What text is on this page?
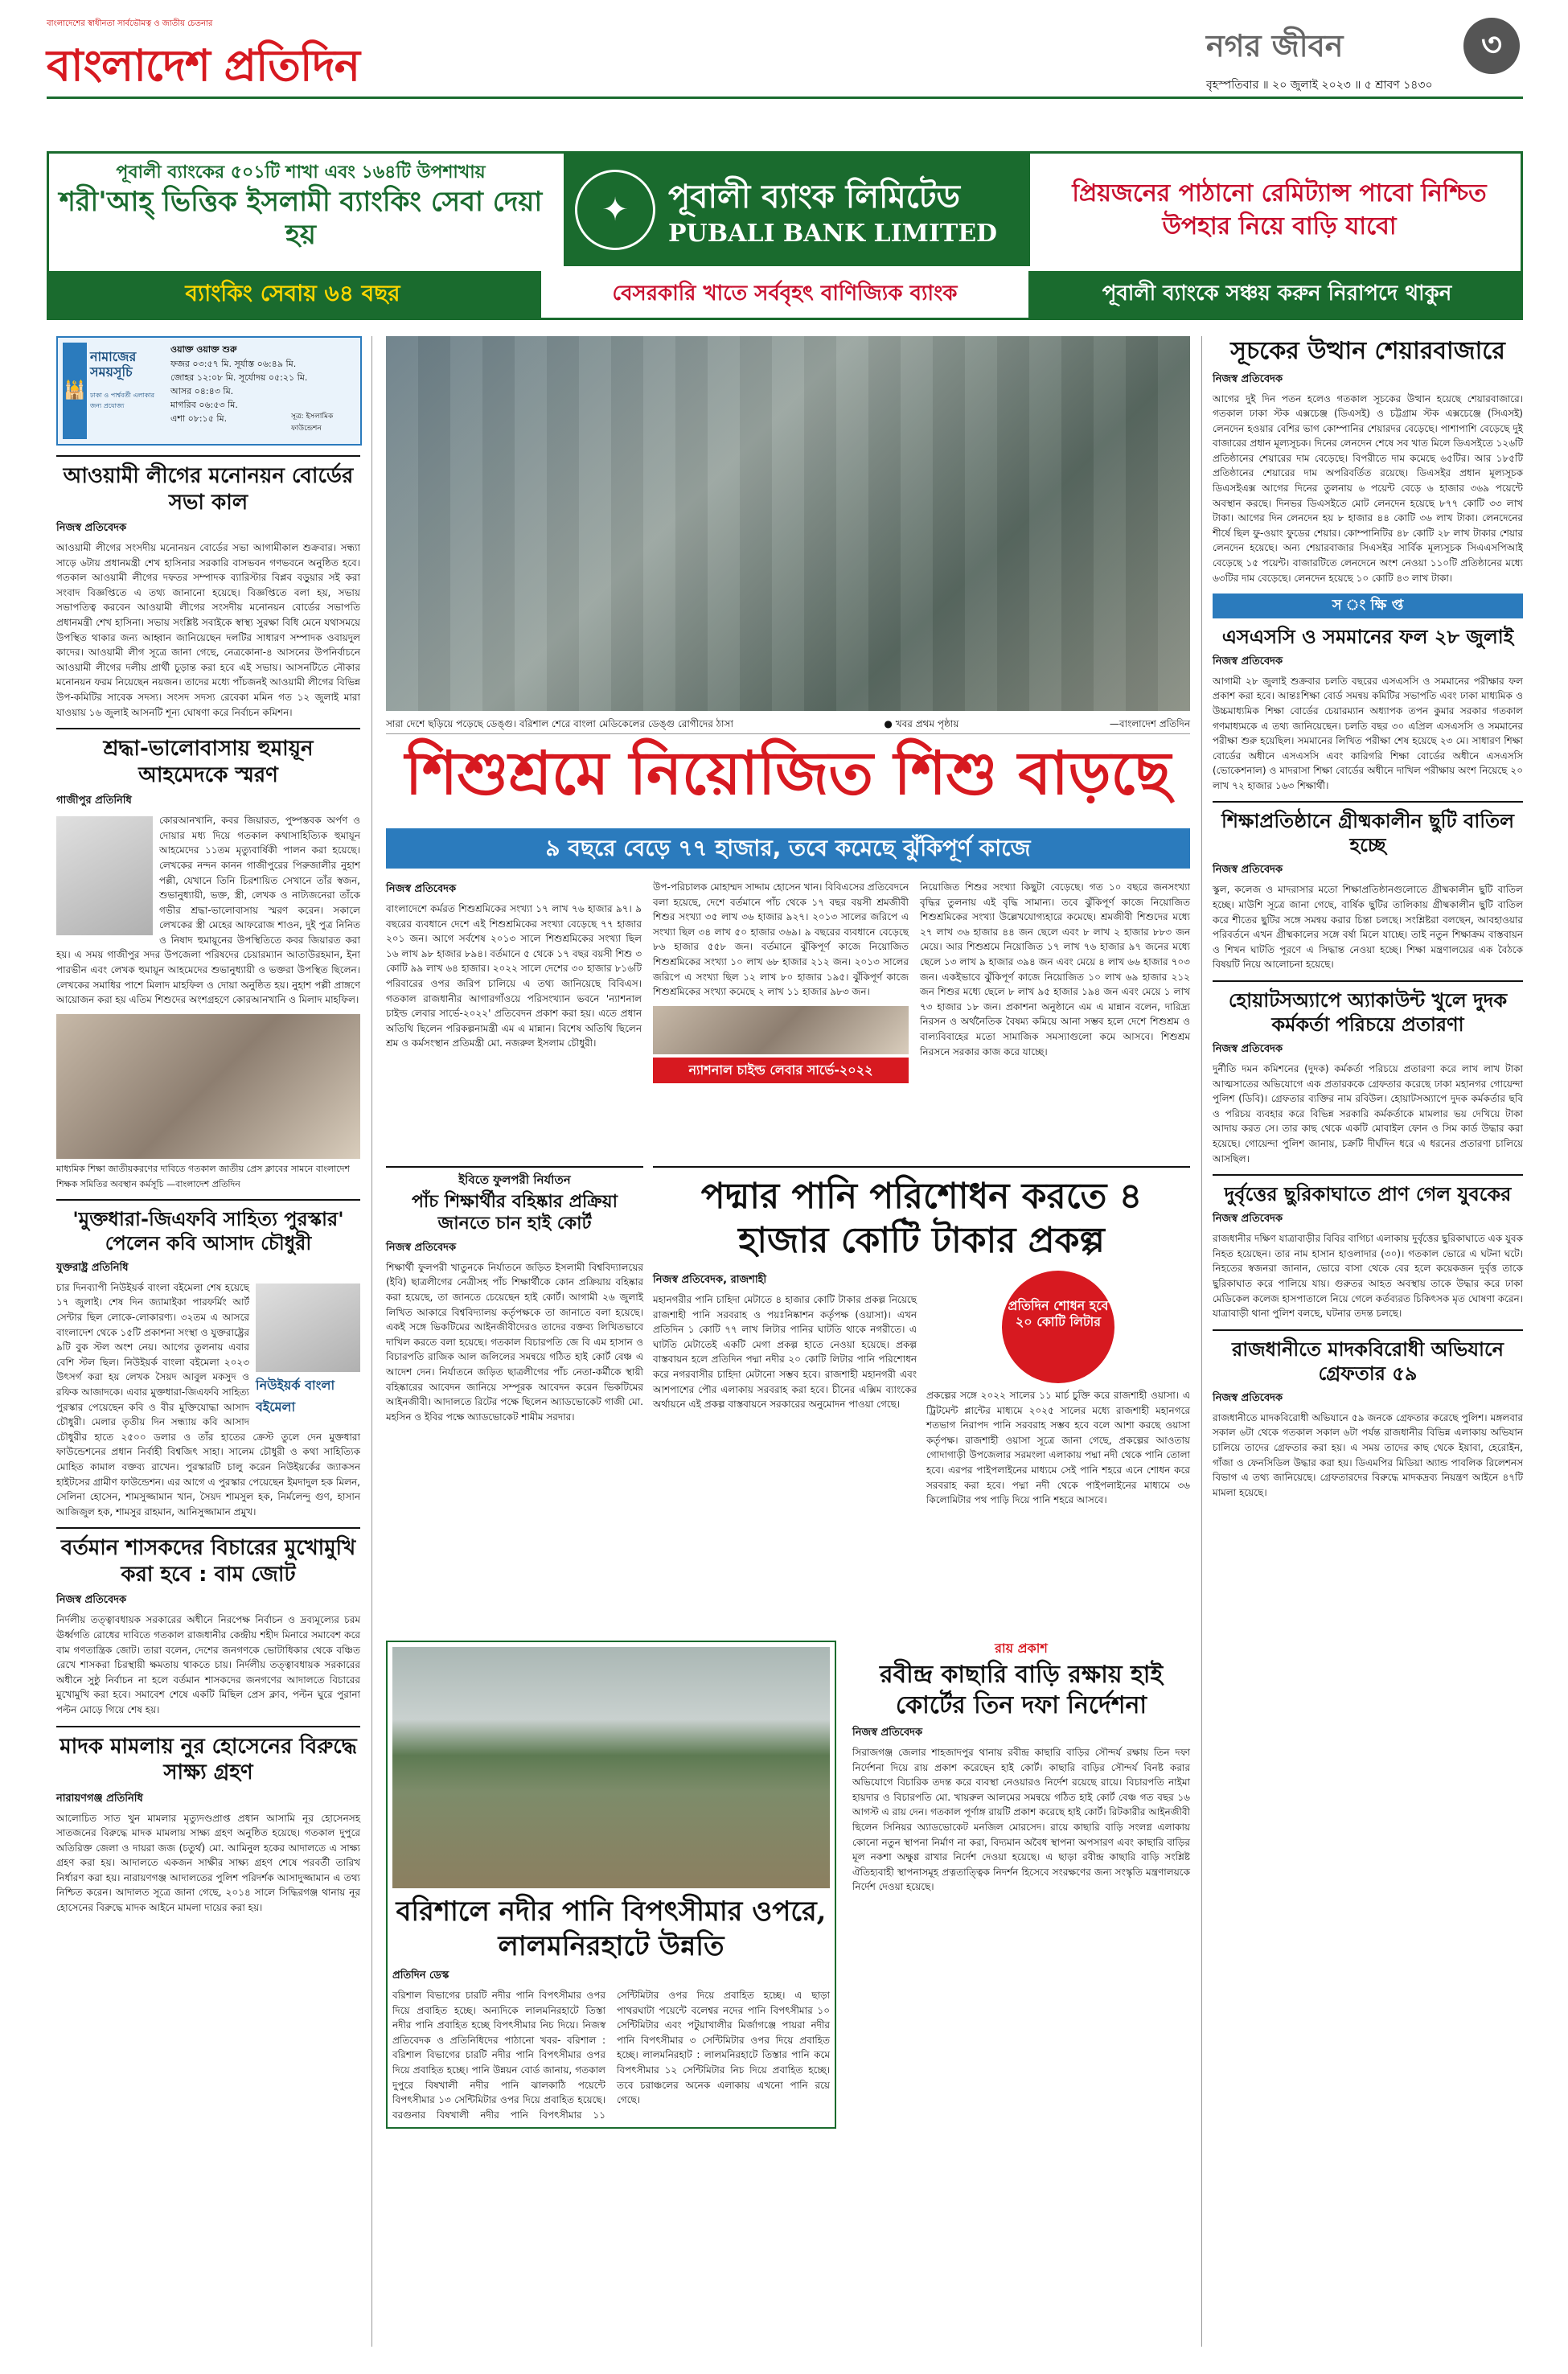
বাংলাদেশের স্বাধীনতা সার্বভৌমত্ব ও জাতীয় চেতনার
বাংলাদেশ প্রতিদিন	নগর জীবন	৩
বৃহস্পতিবার ॥ ২০ জুলাই ২০২৩ ॥ ৫ শ্রাবণ ১৪৩০
পূবালী ব্যাংকের ৫০১টি শাখা এবং ১৬৪টি উপশাখায়
শরী'আহ্ ভিত্তিক ইসলামী ব্যাংকিং সেবা দেয়া হয়
✦	পূবালী ব্যাংক লিমিটেড
PUBALI BANK LIMITED
প্রিয়জনের পাঠানো রেমিট্যান্স পাবো নিশ্চিত উপহার নিয়ে বাড়ি যাবো
ব্যাংকিং সেবায় ৬৪ বছর	বেসরকারি খাতে সর্ববৃহৎ বাণিজ্যিক ব্যাংক	পূবালী ব্যাংকে সঞ্চয় করুন নিরাপদে থাকুন
🕌
নামাজের সময়সূচি
ঢাকা ও পার্শ্ববর্তী এলাকার জন্য প্রযোজ্য
ওয়াক্ত ওয়াক্ত শুরু
ফজর ০৩:৫৭ মি. সূর্যাস্ত ০৬:৪৯ মি.
জোহর ১২:০৮ মি. সূর্যোদয় ০৫:২১ মি.
আসর ০৪:৪৩ মি.
মাগরিব ০৬:৫৩ মি.
এশা ০৮:১৫ মি.	সূত্র: ইসলামিক ফাউন্ডেশন
আওয়ামী লীগের মনোনয়ন বোর্ডের সভা কাল
নিজস্ব প্রতিবেদক
আওয়ামী লীগের সংসদীয় মনোনয়ন বোর্ডের সভা আগামীকাল শুক্রবার। সন্ধ্যা সাড়ে ৬টায় প্রধানমন্ত্রী শেখ হাসিনার সরকারি বাসভবন গণভবনে অনুষ্ঠিত হবে। গতকাল আওয়ামী লীগের দফতর সম্পাদক ব্যারিস্টার বিপ্লব বড়ুয়ার সই করা সংবাদ বিজ্ঞপ্তিতে এ তথ্য জানানো হয়েছে। বিজ্ঞপ্তিতে বলা হয়, সভায় সভাপতিত্ব করবেন আওয়ামী লীগের সংসদীয় মনোনয়ন বোর্ডের সভাপতি প্রধানমন্ত্রী শেখ হাসিনা। সভায় সংশ্লিষ্ট সবাইকে স্বাস্থ্য সুরক্ষা বিধি মেনে যথাসময়ে উপস্থিত থাকার জন্য আহ্বান জানিয়েছেন দলটির সাধারণ সম্পাদক ওবায়দুল কাদের। আওয়ামী লীগ সূত্রে জানা গেছে, নেত্রকোনা-৪ আসনের উপনির্বাচনে আওয়ামী লীগের দলীয় প্রার্থী চূড়ান্ত করা হবে এই সভায়। আসনটিতে নৌকার মনোনয়ন ফরম নিয়েছেন নয়জন। তাদের মধ্যে পাঁচজনই আওয়ামী লীগের বিভিন্ন উপ-কমিটির সাবেক সদস্য। সংসদ সদস্য রেবেকা মমিন গত ১২ জুলাই মারা যাওয়ায় ১৬ জুলাই আসনটি শূন্য ঘোষণা করে নির্বাচন কমিশন।
শ্রদ্ধা-ভালোবাসায় হুমায়ূন আহমেদকে স্মরণ
গাজীপুর প্রতিনিধি
কোরআনখানি, কবর জিয়ারত, পুষ্পস্তবক অর্পণ ও দোয়ার মধ্য দিয়ে গতকাল কথাসাহিত্যিক হুমায়ূন আহমেদের ১১তম মৃত্যুবার্ষিকী পালন করা হয়েছে। লেখকের নন্দন কানন গাজীপুরের পিরুজালীর নুহাশ পল্লী, যেখানে তিনি চিরশায়িত সেখানে তাঁর স্বজন, শুভানুধ্যায়ী, ভক্ত, স্ত্রী, লেখক ও নাট্যজনেরা তাঁকে গভীর শ্রদ্ধা-ভালোবাসায় স্মরণ করেন। সকালে লেখকের স্ত্রী মেহের আফরোজ শাওন, দুই পুত্র নিনিত ও নিষাদ হুমায়ূনের উপস্থিতিতে কবর জিয়ারত করা হয়। এ সময় গাজীপুর সদর উপজেলা পরিষদের চেয়ারম্যান আতাউরহমান, ইনা পারভীন এবং লেখক হুমায়ূন আহমেদের শুভানুধ্যায়ী ও ভক্তরা উপস্থিত ছিলেন। লেখকের সমাধির পাশে মিলাদ মাহফিল ও দোয়া অনুষ্ঠিত হয়। নুহাশ পল্লী প্রাঙ্গণে আয়োজন করা হয় এতিম শিশুদের অংশগ্রহণে কোরআনখানি ও মিলাদ মাহফিল।
মাধ্যমিক শিক্ষা জাতীয়করণের দাবিতে গতকাল জাতীয় প্রেস ক্লাবের সামনে বাংলাদেশ শিক্ষক সমিতির অবস্থান কর্মসূচি —বাংলাদেশ প্রতিদিন
'মুক্তধারা-জিএফবি সাহিত্য পুরস্কার' পেলেন কবি আসাদ চৌধুরী
যুক্তরাষ্ট্র প্রতিনিধি
নিউইয়র্ক বাংলা বইমেলা
চার দিনব্যাপী নিউইয়র্ক বাংলা বইমেলা শেষ হয়েছে ১৭ জুলাই। শেষ দিন জ্যামাইকা পারফর্মিং আর্ট সেন্টার ছিল লোকে-লোকারণ্য। ৩২তম এ আসরে বাংলাদেশ থেকে ১৫টি প্রকাশনা সংস্থা ও যুক্তরাষ্ট্রের ৯টি বুক স্টল অংশ নেয়। আগের তুলনায় এবার বেশি স্টল ছিল। নিউইয়র্ক বাংলা বইমেলা ২০২৩ উৎসর্গ করা হয় লেখক সৈয়দ আবুল মকসুদ ও রফিক আজাদকে। এবার মুক্তধারা-জিএফবি সাহিত্য পুরস্কার পেয়েছেন কবি ও বীর মুক্তিযোদ্ধা আসাদ চৌধুরী। মেলার তৃতীয় দিন সন্ধ্যায় কবি আসাদ চৌধুরীর হাতে ২৫০০ ডলার ও তাঁর হাতের ক্রেস্ট তুলে দেন মুক্তধারা ফাউন্ডেশনের প্রধান নির্বাহী বিশ্বজিৎ সাহা। সালেম চৌধুরী ও কথা সাহিত্যিক মোহিত কামাল বক্তব্য রাখেন। পুরস্কারটি চালু করেন নিউইয়র্কের জ্যাকসন হাইটসের গ্রামীণ ফাউন্ডেশন। এর আগে এ পুরস্কার পেয়েছেন ইমদাদুল হক মিলন, সেলিনা হোসেন, শামসুজ্জামান খান, সৈয়দ শামসুল হক, নির্মলেন্দু গুণ, হাসান আজিজুল হক, শামসুর রাহমান, আনিসুজ্জামান প্রমুখ।
বর্তমান শাসকদের বিচারের মুখোমুখি করা হবে : বাম জোট
নিজস্ব প্রতিবেদক
নির্দলীয় তত্ত্বাবধায়ক সরকারের অধীনে নিরপেক্ষ নির্বাচন ও দ্রব্যমূল্যের চরম ঊর্ধ্বগতি রোধের দাবিতে গতকাল রাজধানীর কেন্দ্রীয় শহীদ মিনারে সমাবেশ করে বাম গণতান্ত্রিক জোট। তারা বলেন, দেশের জনগণকে ভোটাধিকার থেকে বঞ্চিত রেখে শাসকরা চিরস্থায়ী ক্ষমতায় থাকতে চায়। নির্দলীয় তত্ত্বাবধায়ক সরকারের অধীনে সুষ্ঠু নির্বাচন না হলে বর্তমান শাসকদের জনগণের আদালতে বিচারের মুখোমুখি করা হবে। সমাবেশ শেষে একটি মিছিল প্রেস ক্লাব, পল্টন ঘুরে পুরানা পল্টন মোড়ে গিয়ে শেষ হয়।
মাদক মামলায় নুর হোসেনের বিরুদ্ধে সাক্ষ্য গ্রহণ
নারায়ণগঞ্জ প্রতিনিধি
আলোচিত সাত খুন মামলার মৃত্যুদণ্ডপ্রাপ্ত প্রধান আসামি নূর হোসেনসহ সাতজনের বিরুদ্ধে মাদক মামলায় সাক্ষ্য গ্রহণ অনুষ্ঠিত হয়েছে। গতকাল দুপুরে অতিরিক্ত জেলা ও দায়রা জজ (চতুর্থ) মো. আমিনুল হকের আদালতে এ সাক্ষ্য গ্রহণ করা হয়। আদালতে একজন সাক্ষীর সাক্ষ্য গ্রহণ শেষে পরবর্তী তারিখ নির্ধারণ করা হয়। নারায়ণগঞ্জ আদালতের পুলিশ পরিদর্শক আসাদুজ্জামান এ তথ্য নিশ্চিত করেন। আদালত সূত্রে জানা গেছে, ২০১৪ সালে সিদ্ধিরগঞ্জ থানায় নূর হোসেনের বিরুদ্ধে মাদক আইনে মামলা দায়ের করা হয়।
সারা দেশে ছড়িয়ে পড়েছে ডেঙ্গু। বরিশাল শেরে বাংলা মেডিকেলের ডেঙ্গু রোগীদের ঠাসা	● খবর প্রথম পৃষ্ঠায়	—বাংলাদেশ প্রতিদিন
শিশুশ্রমে নিয়োজিত শিশু বাড়ছে
৯ বছরে বেড়ে ৭৭ হাজার, তবে কমেছে ঝুঁকিপূর্ণ কাজে
নিজস্ব প্রতিবেদক
বাংলাদেশে কর্মরত শিশুশ্রমিকের সংখ্যা ১৭ লাখ ৭৬ হাজার ৯৭। ৯ বছরের ব্যবধানে দেশে এই শিশুশ্রমিকের সংখ্যা বেড়েছে ৭৭ হাজার ২০১ জন। আগে সর্বশেষ ২০১৩ সালে শিশুশ্রমিকের সংখ্যা ছিল ১৬ লাখ ৯৮ হাজার ৮৯৪। বর্তমানে ৫ থেকে ১৭ বছর বয়সী শিশু ৩ কোটি ৯৯ লাখ ৬৪ হাজার। ২০২২ সালে দেশের ৩০ হাজার ৮১৬টি পরিবারের ওপর জরিপ চালিয়ে এ তথ্য জানিয়েছে বিবিএস। গতকাল রাজধানীর আগারগাঁওয়ে পরিসংখ্যান ভবনে 'ন্যাশনাল চাইল্ড লেবার সার্ভে-২০২২' প্রতিবেদন প্রকাশ করা হয়। এতে প্রধান অতিথি ছিলেন পরিকল্পনামন্ত্রী এম এ মান্নান। বিশেষ অতিথি ছিলেন শ্রম ও কর্মসংস্থান প্রতিমন্ত্রী মো. নজরুল ইসলাম চৌধুরী।
উপ-পরিচালক মোহাম্মদ সাদ্দাম হোসেন খান। বিবিএসের প্রতিবেদনে বলা হয়েছে, দেশে বর্তমানে পাঁচ থেকে ১৭ বছর বয়সী শ্রমজীবী শিশুর সংখ্যা ৩৫ লাখ ৩৬ হাজার ৯২৭। ২০১৩ সালের জরিপে এ সংখ্যা ছিল ৩৪ লাখ ৫০ হাজার ৩৬৯। ৯ বছরের ব্যবধানে বেড়েছে ৮৬ হাজার ৫৫৮ জন। বর্তমানে ঝুঁকিপূর্ণ কাজে নিয়োজিত শিশুশ্রমিকের সংখ্যা ১০ লাখ ৬৮ হাজার ২১২ জন। ২০১৩ সালের জরিপে এ সংখ্যা ছিল ১২ লাখ ৮০ হাজার ১৯৫। ঝুঁকিপূর্ণ কাজে শিশুশ্রমিকের সংখ্যা কমেছে ২ লাখ ১১ হাজার ৯৮৩ জন।
ন্যাশনাল চাইল্ড লেবার সার্ভে-২০২২
নিয়োজিত শিশুর সংখ্যা কিছুটা বেড়েছে। গত ১০ বছরে জনসংখ্যা বৃদ্ধির তুলনায় এই বৃদ্ধি সামান্য। তবে ঝুঁকিপূর্ণ কাজে নিয়োজিত শিশুশ্রমিকের সংখ্যা উল্লেখযোগ্যহারে কমেছে। শ্রমজীবী শিশুদের মধ্যে ২৭ লাখ ৩৬ হাজার ৪৪ জন ছেলে এবং ৮ লাখ ২ হাজার ৮৮৩ জন মেয়ে। আর শিশুশ্রমে নিয়োজিত ১৭ লাখ ৭৬ হাজার ৯৭ জনের মধ্যে ছেলে ১৩ লাখ ৯ হাজার ৩৯৪ জন এবং মেয়ে ৪ লাখ ৬৬ হাজার ৭০৩ জন। একইভাবে ঝুঁকিপূর্ণ কাজে নিয়োজিত ১০ লাখ ৬৯ হাজার ২১২ জন শিশুর মধ্যে ছেলে ৮ লাখ ৯৫ হাজার ১৯৪ জন এবং মেয়ে ১ লাখ ৭৩ হাজার ১৮ জন। প্রকাশনা অনুষ্ঠানে এম এ মান্নান বলেন, দারিদ্র্য নিরসন ও অর্থনৈতিক বৈষম্য কমিয়ে আনা সম্ভব হলে দেশে শিশুশ্রম ও বাল্যবিবাহের মতো সামাজিক সমস্যাগুলো কমে আসবে। শিশুশ্রম নিরসনে সরকার কাজ করে যাচ্ছে।
ইবিতে ফুলপরী নির্যাতন
পাঁচ শিক্ষার্থীর বহিষ্কার প্রক্রিয়া জানতে চান হাই কোর্ট
নিজস্ব প্রতিবেদক
শিক্ষার্থী ফুলপরী খাতুনকে নির্যাতনে জড়িত ইসলামী বিশ্ববিদ্যালয়ের (ইবি) ছাত্রলীগের নেত্রীসহ পাঁচ শিক্ষার্থীকে কোন প্রক্রিয়ায় বহিষ্কার করা হয়েছে, তা জানতে চেয়েছেন হাই কোর্ট। আগামী ২৬ জুলাই লিখিত আকারে বিশ্ববিদ্যালয় কর্তৃপক্ষকে তা জানাতে বলা হয়েছে। একই সঙ্গে ভিকটিমের আইনজীবীদেরও তাদের বক্তব্য লিখিতভাবে দাখিল করতে বলা হয়েছে। গতকাল বিচারপতি জে বি এম হাসান ও বিচারপতি রাজিক আল জলিলের সমন্বয়ে গঠিত হাই কোর্ট বেঞ্চ এ আদেশ দেন। নির্যাতনে জড়িত ছাত্রলীগের পাঁচ নেতা-কর্মীকে স্থায়ী বহিষ্কারের আবেদন জানিয়ে সম্পূরক আবেদন করেন ভিকটিমের আইনজীবী। আদালতে রিটের পক্ষে ছিলেন অ্যাডভোকেট গাজী মো. মহসিন ও ইবির পক্ষে অ্যাডভোকেট শামীম সরদার।
পদ্মার পানি পরিশোধন করতে ৪ হাজার কোটি টাকার প্রকল্প
নিজস্ব প্রতিবেদক, রাজশাহী
মহানগরীর পানি চাহিদা মেটাতে ৪ হাজার কোটি টাকার প্রকল্প নিয়েছে রাজশাহী পানি সরবরাহ ও পয়ঃনিষ্কাশন কর্তৃপক্ষ (ওয়াসা)। এখন প্রতিদিন ১ কোটি ৭৭ লাখ লিটার পানির ঘাটতি থাকে নগরীতে। এ ঘাটতি মেটাতেই একটি মেগা প্রকল্প হাতে নেওয়া হয়েছে। প্রকল্প বাস্তবায়ন হলে প্রতিদিন পদ্মা নদীর ২০ কোটি লিটার পানি পরিশোধন করে নগরবাসীর চাহিদা মেটানো সম্ভব হবে। রাজশাহী মহানগরী এবং আশপাশের পৌর এলাকায় সরবরাহ করা হবে। চীনের এক্সিম ব্যাংকের অর্থায়নে এই প্রকল্প বাস্তবায়নে সরকারের অনুমোদন পাওয়া গেছে।
প্রতিদিন শোধন হবে ২০ কোটি লিটার
প্রকল্পের সঙ্গে ২০২২ সালের ১১ মার্চ চুক্তি করে রাজশাহী ওয়াসা। এ ট্রিটমেন্ট প্লান্টের মাধ্যমে ২০২৫ সালের মধ্যে রাজশাহী মহানগরে শতভাগ নিরাপদ পানি সরবরাহ সম্ভব হবে বলে আশা করছে ওয়াসা কর্তৃপক্ষ। রাজশাহী ওয়াসা সূত্রে জানা গেছে, প্রকল্পের আওতায় গোদাগাড়ী উপজেলার সরমংলা এলাকায় পদ্মা নদী থেকে পানি তোলা হবে। এরপর পাইপলাইনের মাধ্যমে সেই পানি শহরে এনে শোধন করে সরবরাহ করা হবে। পদ্মা নদী থেকে পাইপলাইনের মাধ্যমে ৩৬ কিলোমিটার পথ পাড়ি দিয়ে পানি শহরে আসবে।
বরিশালে নদীর পানি বিপৎসীমার ওপরে, লালমনিরহাটে উন্নতি
প্রতিদিন ডেস্ক
বরিশাল বিভাগের চারটি নদীর পানি বিপৎসীমার ওপর দিয়ে প্রবাহিত হচ্ছে। অন্যদিকে লালমনিরহাটে তিস্তা নদীর পানি প্রবাহিত হচ্ছে বিপৎসীমার নিচ দিয়ে। নিজস্ব প্রতিবেদক ও প্রতিনিধিদের পাঠানো খবর- বরিশাল : বরিশাল বিভাগের চারটি নদীর পানি বিপৎসীমার ওপর দিয়ে প্রবাহিত হচ্ছে। পানি উন্নয়ন বোর্ড জানায়, গতকাল দুপুরে বিষখালী নদীর পানি ঝালকাঠি পয়েন্টে বিপৎসীমার ১৩ সেন্টিমিটার ওপর দিয়ে প্রবাহিত হয়েছে। বরগুনার বিষখালী নদীর পানি বিপৎসীমার ১১ সেন্টিমিটার ওপর দিয়ে প্রবাহিত হচ্ছে। এ ছাড়া পাথরঘাটা পয়েন্টে বলেশ্বর নদের পানি বিপৎসীমার ১০ সেন্টিমিটার এবং পটুয়াখালীর মির্জাগঞ্জে পায়রা নদীর পানি বিপৎসীমার ৩ সেন্টিমিটার ওপর দিয়ে প্রবাহিত হচ্ছে। লালমনিরহাট : লালমনিরহাটে তিস্তার পানি কমে বিপৎসীমার ১২ সেন্টিমিটার নিচ দিয়ে প্রবাহিত হচ্ছে। তবে চরাঞ্চলের অনেক এলাকায় এখনো পানি রয়ে গেছে।
রায় প্রকাশ
রবীন্দ্র কাছারি বাড়ি রক্ষায় হাই কোর্টের তিন দফা নির্দেশনা
নিজস্ব প্রতিবেদক
সিরাজগঞ্জ জেলার শাহজাদপুর থানায় রবীন্দ্র কাছারি বাড়ির সৌন্দর্য রক্ষায় তিন দফা নির্দেশনা দিয়ে রায় প্রকাশ করেছেন হাই কোর্ট। কাছারি বাড়ির সৌন্দর্য বিনষ্ট করার অভিযোগে বিচারিক তদন্ত করে ব্যবস্থা নেওয়ারও নির্দেশ রয়েছে রায়ে। বিচারপতি নাইমা হায়দার ও বিচারপতি মো. খায়রুল আলমের সমন্বয়ে গঠিত হাই কোর্ট বেঞ্চ গত বছর ১৬ আগস্ট এ রায় দেন। গতকাল পূর্ণাঙ্গ রায়টি প্রকাশ করেছে হাই কোর্ট। রিটকারীর আইনজীবী ছিলেন সিনিয়র অ্যাডভোকেট মনজিল মোরসেদ। রায়ে কাছারি বাড়ি সংলগ্ন এলাকায় কোনো নতুন স্থাপনা নির্মাণ না করা, বিদ্যমান অবৈধ স্থাপনা অপসারণ এবং কাছারি বাড়ির মূল নকশা অক্ষুণ্ণ রাখার নির্দেশ দেওয়া হয়েছে। এ ছাড়া রবীন্দ্র কাছারি বাড়ি সংশ্লিষ্ট ঐতিহ্যবাহী স্থাপনাসমূহ প্রত্নতাত্ত্বিক নিদর্শন হিসেবে সংরক্ষণের জন্য সংস্কৃতি মন্ত্রণালয়কে নির্দেশ দেওয়া হয়েছে।
সূচকের উত্থান শেয়ারবাজারে
নিজস্ব প্রতিবেদক
আগের দুই দিন পতন হলেও গতকাল সূচকের উত্থান হয়েছে শেয়ারবাজারে। গতকাল ঢাকা স্টক এক্সচেঞ্জ (ডিএসই) ও চট্টগ্রাম স্টক এক্সচেঞ্জে (সিএসই) লেনদেন হওয়ার বেশির ভাগ কোম্পানির শেয়ারদর বেড়েছে। পাশাপাশি বেড়েছে দুই বাজারের প্রধান মূল্যসূচক। দিনের লেনদেন শেষে সব খাত মিলে ডিএসইতে ১২৬টি প্রতিষ্ঠানের শেয়ারের দাম বেড়েছে। বিপরীতে দাম কমেছে ৬৫টির। আর ১৮৫টি প্রতিষ্ঠানের শেয়ারের দাম অপরিবর্তিত রয়েছে। ডিএসইর প্রধান মূল্যসূচক ডিএসইএক্স আগের দিনের তুলনায় ৬ পয়েন্ট বেড়ে ৬ হাজার ৩৬৯ পয়েন্টে অবস্থান করছে। দিনভর ডিএসইতে মোট লেনদেন হয়েছে ৮৭৭ কোটি ৩৩ লাখ টাকা। আগের দিন লেনদেন হয় ৮ হাজার ৪৪ কোটি ৩৬ লাখ টাকা। লেনদেনের শীর্ষে ছিল ফু-ওয়াং ফুডের শেয়ার। কোম্পানিটির ৪৮ কোটি ২৮ লাখ টাকার শেয়ার লেনদেন হয়েছে। অন্য শেয়ারবাজার সিএসইর সার্বিক মূল্যসূচক সিএএসপিআই বেড়েছে ১৫ পয়েন্ট। বাজারটিতে লেনদেনে অংশ নেওয়া ১১০টি প্রতিষ্ঠানের মধ্যে ৬৩টির দাম বেড়েছে। লেনদেন হয়েছে ১০ কোটি ৪৩ লাখ টাকা।
স ং ক্ষি প্ত
এসএসসি ও সমমানের ফল ২৮ জুলাই
নিজস্ব প্রতিবেদক
আগামী ২৮ জুলাই শুক্রবার চলতি বছরের এসএসসি ও সমমানের পরীক্ষার ফল প্রকাশ করা হবে। আন্তঃশিক্ষা বোর্ড সমন্বয় কমিটির সভাপতি এবং ঢাকা মাধ্যমিক ও উচ্চমাধ্যমিক শিক্ষা বোর্ডের চেয়ারম্যান অধ্যাপক তপন কুমার সরকার গতকাল গণমাধ্যমকে এ তথ্য জানিয়েছেন। চলতি বছর ৩০ এপ্রিল এসএসসি ও সমমানের পরীক্ষা শুরু হয়েছিল। সমমানের লিখিত পরীক্ষা শেষ হয়েছে ২৩ মে। সাধারণ শিক্ষা বোর্ডের অধীনে এসএসসি এবং কারিগরি শিক্ষা বোর্ডের অধীনে এসএসসি (ভোকেশনাল) ও মাদরাসা শিক্ষা বোর্ডের অধীনে দাখিল পরীক্ষায় অংশ নিয়েছে ২০ লাখ ৭২ হাজার ১৬৩ শিক্ষার্থী।
শিক্ষাপ্রতিষ্ঠানে গ্রীষ্মকালীন ছুটি বাতিল হচ্ছে
নিজস্ব প্রতিবেদক
স্কুল, কলেজ ও মাদরাসার মতো শিক্ষাপ্রতিষ্ঠানগুলোতে গ্রীষ্মকালীন ছুটি বাতিল হচ্ছে। মাউশি সূত্রে জানা গেছে, বার্ষিক ছুটির তালিকায় গ্রীষ্মকালীন ছুটি বাতিল করে শীতের ছুটির সঙ্গে সমন্বয় করার চিন্তা চলছে। সংশ্লিষ্টরা বলছেন, আবহাওয়ার পরিবর্তনে এখন গ্রীষ্মকালের সঙ্গে বর্ষা মিলে যাচ্ছে। তাই নতুন শিক্ষাক্রম বাস্তবায়ন ও শিখন ঘাটতি পূরণে এ সিদ্ধান্ত নেওয়া হচ্ছে। শিক্ষা মন্ত্রণালয়ের এক বৈঠকে বিষয়টি নিয়ে আলোচনা হয়েছে।
হোয়াটসঅ্যাপে অ্যাকাউন্ট খুলে দুদক কর্মকর্তা পরিচয়ে প্রতারণা
নিজস্ব প্রতিবেদক
দুর্নীতি দমন কমিশনের (দুদক) কর্মকর্তা পরিচয়ে প্রতারণা করে লাখ লাখ টাকা আত্মসাতের অভিযোগে এক প্রতারককে গ্রেফতার করেছে ঢাকা মহানগর গোয়েন্দা পুলিশ (ডিবি)। গ্রেফতার ব্যক্তির নাম রবিউল। হোয়াটসঅ্যাপে দুদক কর্মকর্তার ছবি ও পরিচয় ব্যবহার করে বিভিন্ন সরকারি কর্মকর্তাকে মামলার ভয় দেখিয়ে টাকা আদায় করত সে। তার কাছ থেকে একটি মোবাইল ফোন ও সিম কার্ড উদ্ধার করা হয়েছে। গোয়েন্দা পুলিশ জানায়, চক্রটি দীর্ঘদিন ধরে এ ধরনের প্রতারণা চালিয়ে আসছিল।
দুর্বৃত্তের ছুরিকাঘাতে প্রাণ গেল যুবকের
নিজস্ব প্রতিবেদক
রাজধানীর দক্ষিণ যাত্রাবাড়ীর বিবির বাগিচা এলাকায় দুর্বৃত্তের ছুরিকাঘাতে এক যুবক নিহত হয়েছেন। তার নাম হাসান হাওলাদার (৩০)। গতকাল ভোরে এ ঘটনা ঘটে। নিহতের স্বজনরা জানান, ভোরে বাসা থেকে বের হলে কয়েকজন দুর্বৃত্ত তাকে ছুরিকাঘাত করে পালিয়ে যায়। গুরুতর আহত অবস্থায় তাকে উদ্ধার করে ঢাকা মেডিকেল কলেজ হাসপাতালে নিয়ে গেলে কর্তব্যরত চিকিৎসক মৃত ঘোষণা করেন। যাত্রাবাড়ী থানা পুলিশ বলছে, ঘটনার তদন্ত চলছে।
রাজধানীতে মাদকবিরোধী অভিযানে গ্রেফতার ৫৯
নিজস্ব প্রতিবেদক
রাজধানীতে মাদকবিরোধী অভিযানে ৫৯ জনকে গ্রেফতার করেছে পুলিশ। মঙ্গলবার সকাল ৬টা থেকে গতকাল সকাল ৬টা পর্যন্ত রাজধানীর বিভিন্ন এলাকায় অভিযান চালিয়ে তাদের গ্রেফতার করা হয়। এ সময় তাদের কাছ থেকে ইয়াবা, হেরোইন, গাঁজা ও ফেনসিডিল উদ্ধার করা হয়। ডিএমপির মিডিয়া অ্যান্ড পাবলিক রিলেশনস বিভাগ এ তথ্য জানিয়েছে। গ্রেফতারদের বিরুদ্ধে মাদকদ্রব্য নিয়ন্ত্রণ আইনে ৪৭টি মামলা হয়েছে।
